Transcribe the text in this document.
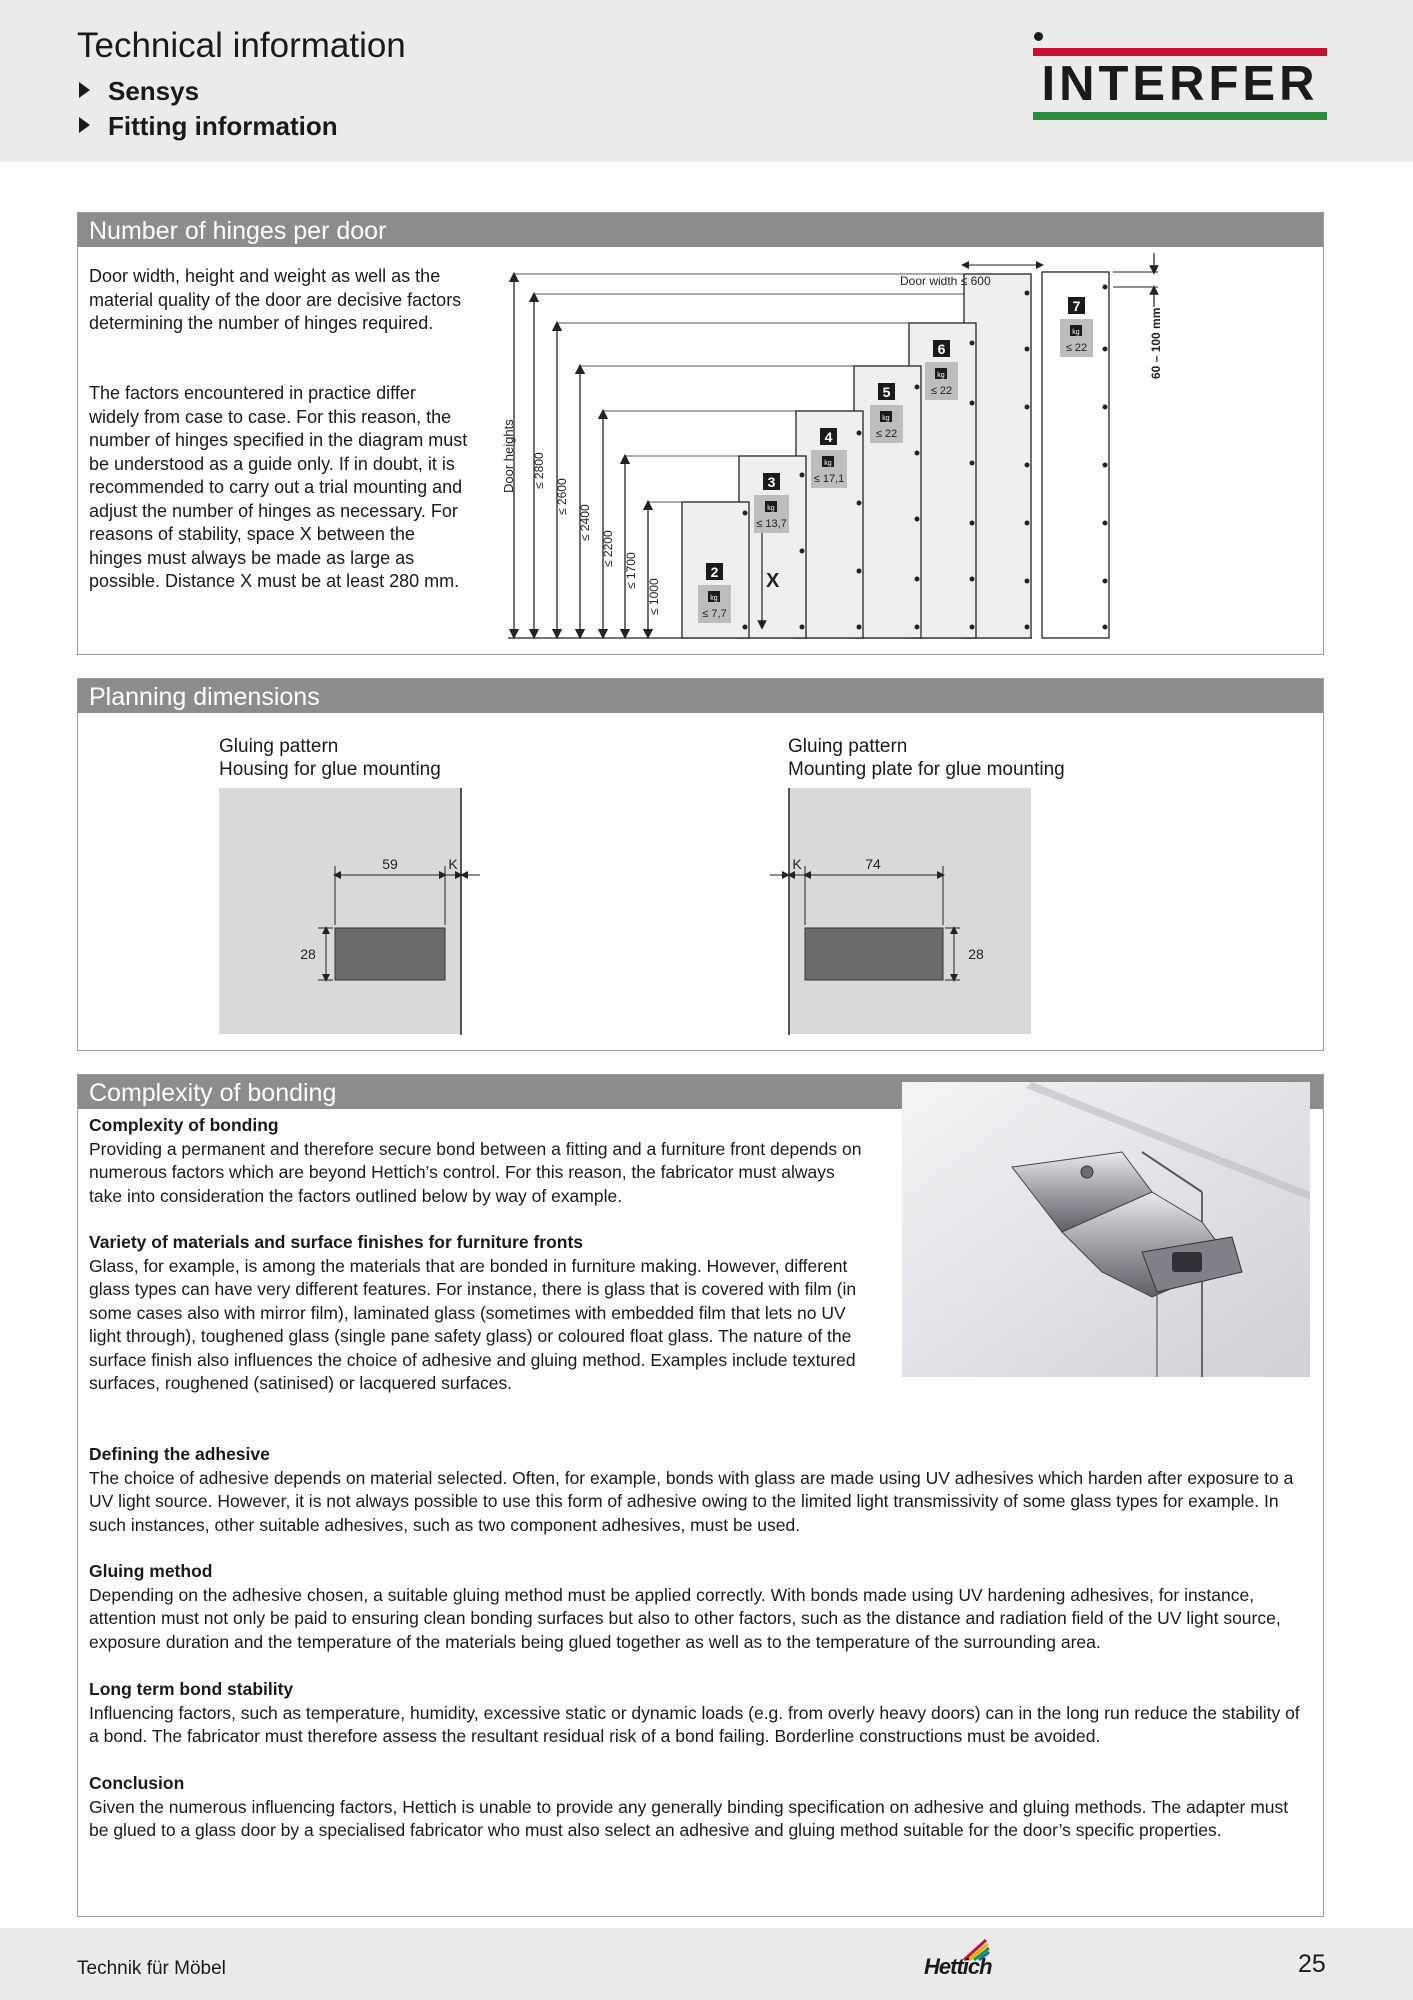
Technical information
Sensys
Fitting information
INTERFER
Number of hinges per door

Door width, height and weight as well as the material quality of the door are decisive factors determining the number of hinges required.

The factors encountered in practice differ widely from case to case. For this reason, the number of hinges specified in the diagram must be understood as a guide only. If in doubt, it is recommended to carry out a trial mounting and adjust the number of hinges as necessary. For reasons of stability, space X between the hinges must always be made as large as possible. Distance X must be at least 280 mm.

Door heights ≤ 2800
≤ 2600
≤ 2400
≤ 2200
≤ 1700
≤ 1000	X
2
kg
≤ 7,7
3
kg
≤ 13,7
4
kg
≤ 17,1
5
kg
≤ 22
6
kg
≤ 22
7
kg
≤ 22
Door width ≤ 600
60 – 100 mm
Planning dimensions
Gluing pattern
Housing for glue mounting
Gluing pattern
Mounting plate for glue mounting
59	K
28
74
K
28
Complexity of bonding
Complexity of bonding
Providing a permanent and therefore secure bond between a fitting and a furniture front depends on numerous factors which are beyond Hettich’s control. For this reason, the fabricator must always take into consideration the factors outlined below by way of example.
Variety of materials and surface finishes for furniture fronts
Glass, for example, is among the materials that are bonded in furniture making. However, different glass types can have very different features. For instance, there is glass that is covered with film (in some cases also with mirror film), laminated glass (sometimes with embedded film that lets no UV light through), toughened glass (single pane safety glass) or coloured float glass. The nature of the surface finish also influences the choice of adhesive and gluing method. Examples include textured surfaces, roughened (satinised) or lacquered surfaces.
Defining the adhesive
The choice of adhesive depends on material selected. Often, for example, bonds with glass are made using UV adhesives which harden after exposure to a UV light source. However, it is not always possible to use this form of adhesive owing to the limited light transmissivity of some glass types for example. In such instances, other suitable adhesives, such as two component adhesives, must be used.
Gluing method
Depending on the adhesive chosen, a suitable gluing method must be applied correctly. With bonds made using UV hardening adhesives, for instance, attention must not only be paid to ensuring clean bonding surfaces but also to other factors, such as the distance and radiation field of the UV light source, exposure duration and the temperature of the materials being glued together as well as to the temperature of the surrounding area.
Long term bond stability
Influencing factors, such as temperature, humidity, excessive static or dynamic loads (e.g. from overly heavy doors) can in the long run reduce the stability of a bond. The fabricator must therefore assess the resultant residual risk of a bond failing. Borderline constructions must be avoided.
Conclusion
Given the numerous influencing factors, Hettich is unable to provide any generally binding specification on adhesive and gluing methods. The adapter must be glued to a glass door by a specialised fabricator who must also select an adhesive and gluing method suitable for the door’s specific properties.
Technik für Möbel	Hettich	25
